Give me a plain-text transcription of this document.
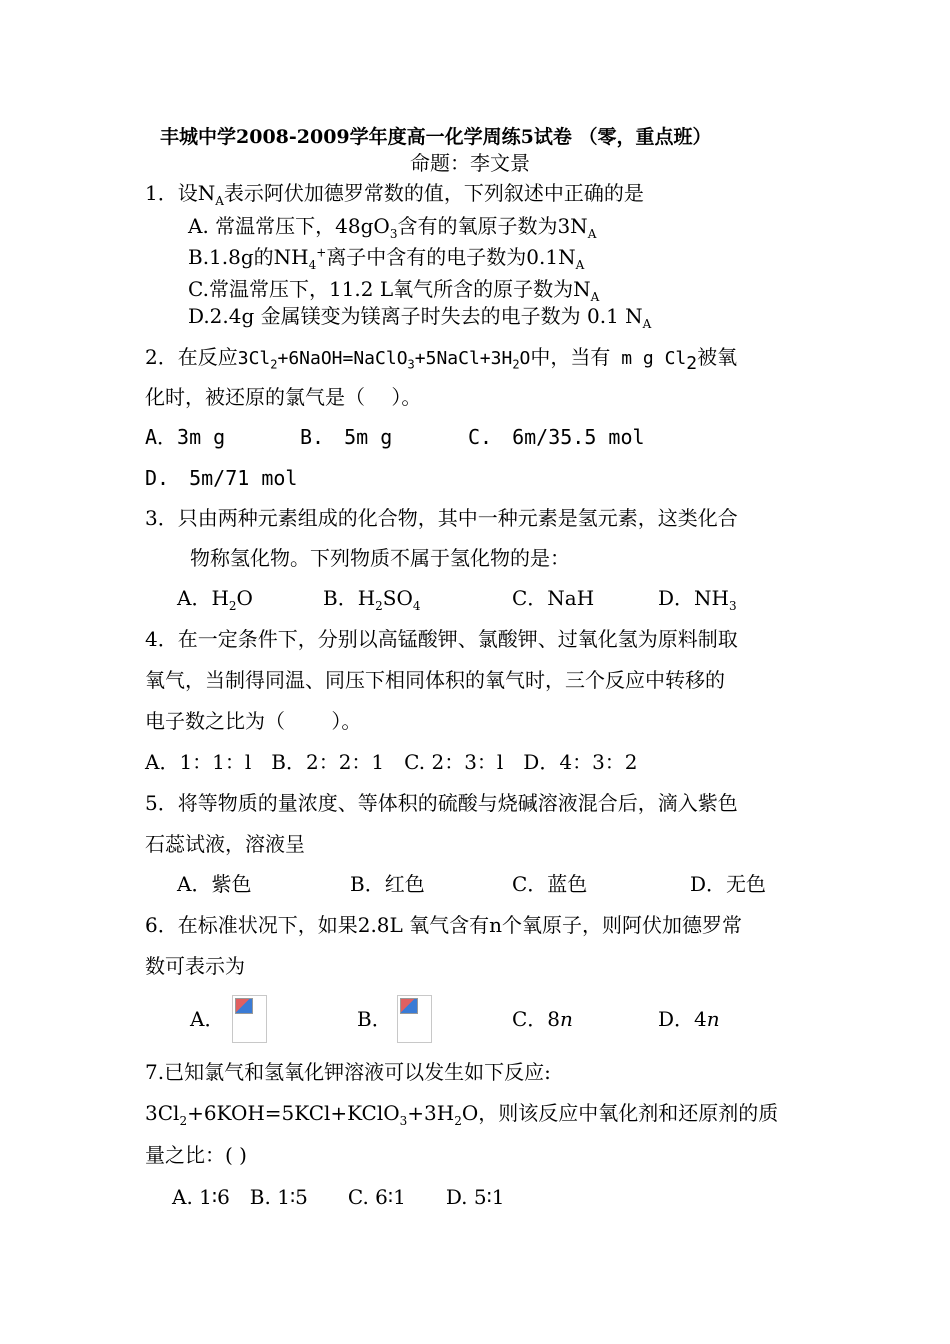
丰城中学2008-2009学年度高一化学周练5试卷 （零，重点班）
命题：李文景
1．设$N_A$表示阿伏加德罗常数的值，下列叙述中正确的是
A. 常温常压下，$48gO_3$含有的氧原子数为$3N_A$
B.1.8g的$NH_4^+$离子中含有的电子数为$0.1N_A$
C.常温常压下，11.2 L氧气所含的原子数为$N_A$
D.2.4g 金属镁变为镁离子时失去的电子数为 0.1 $N_A$
2．在反应$3Cl_2+6NaOH=NaClO_3+5NaCl+3H_2O$中，当有 m g $Cl_2$被氧
化时，被还原的氯气是（　 ）。
A．3m g	B.　5m g	C.　6m/35.5 mol
D.　5m/71 mol
3．只由两种元素组成的化合物，其中一种元素是氢元素，这类化合
物称氢化物。下列物质不属于氢化物的是：
A．$H_2O$	B．$H_2SO_4$	C．NaH	D．$NH_3$
4．在一定条件下，分别以高锰酸钾、氯酸钾、过氧化氢为原料制取
氧气，当制得同温、同压下相同体积的氧气时，三个反应中转移的
电子数之比为（　　 ）。
A．1：1：l　B．2：2：1　C. 2：3：l　D．4：3：2
5．将等物质的量浓度、等体积的硫酸与烧碱溶液混合后，滴入紫色
石蕊试液，溶液呈
A．紫色	B．红色	C．蓝色	D．无色
6．在标准状况下，如果2.8L 氧气含有n个氧原子，则阿伏加德罗常
数可表示为
A．	B．	C．8n	D．4n
7.已知氯气和氢氧化钾溶液可以发生如下反应:
$3Cl_2+6KOH=5KCl+KClO_3+3H_2O$，则该反应中氧化剂和还原剂的质
量之比：( )
A. 1∶6　B. 1∶5　　C. 6∶1　　D. 5∶1
